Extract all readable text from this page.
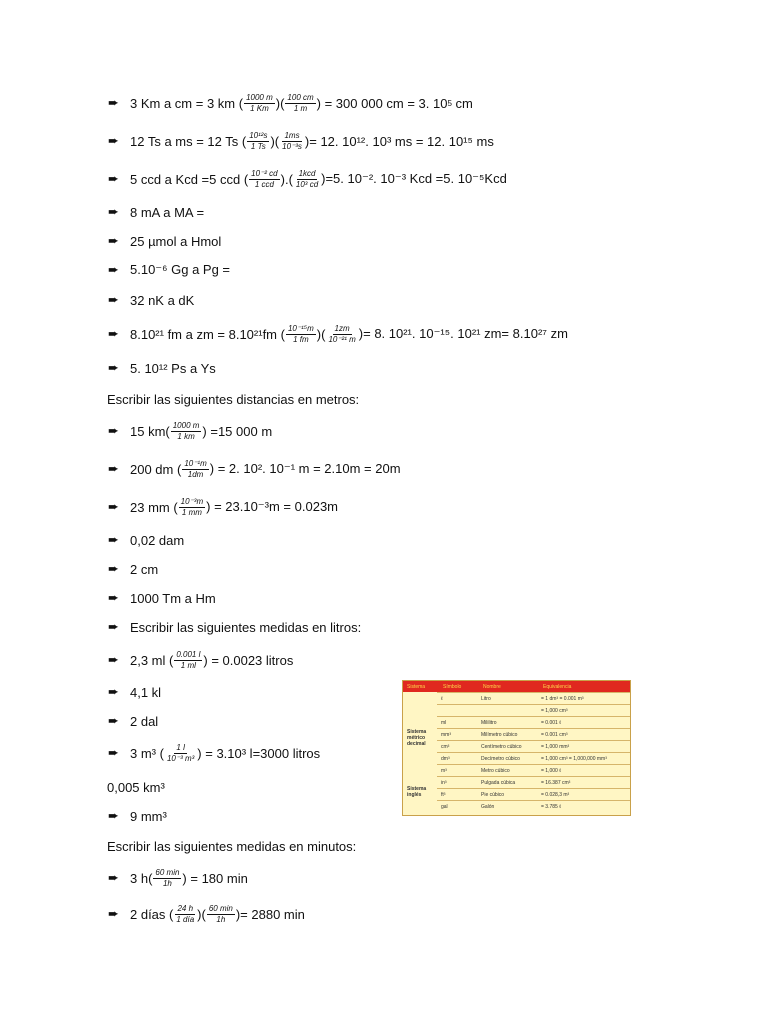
➨ 3 Km a cm = 3 km ( $\frac{1000 m}{1 Km}$ )( $\frac{100 cm}{1 m}$ ) = 300 000 cm = 3. 10 5
cm
➨ 12 Ts a ms = 12 Ts ( $\frac{\text{10¹²s}}{1 Ts}$ )( $\frac{1ms}{\text{10⁻³s}}$ )= 12. 10¹². 10³ ms = 12. 10¹⁵ ms
➨ 5 ccd a Kcd =5 ccd ( $\frac{\text{10⁻² cd}}{\text{1 ccd}}$ ).( $\frac{\text{1kcd}}{\text{10³ cd}} )=5$. 10⁻². 10⁻³ Kcd =5. 10⁻⁵Kcd
➨ 8 mA a MA =
➨ 25 µmol a Hmol
➨ 5.10⁻⁶ Gg a Pg =
➨ 32 nK a dK
➨ 8.10²¹ fm a zm = 8.10²¹fm ( $\frac{\text{10⁻¹⁵m}}{1 fm}$ )( $\frac{1zm}{\text{10⁻²¹ m}}$ )= 8. 10²¹. 10⁻¹⁵. 10²¹ zm= 8.10²⁷ zm
➨ 5. 10¹² Ps a Ys
Escribir las siguientes distancias en metros:
➨ 15 $km( \frac{1000 m}{1 km}$ ) =15 000 m
➨ 200 dm ( $\frac{\text{10⁻¹m}}{1dm}$ ) = 2. 10². 10⁻¹ m = 2.10m = 20m
➨ 23 mm ( $\frac{\text{10⁻³m}}{1 mm}$ ) = 23.10⁻³m = 0.023m
➨ 0,02 dam
➨ 2 cm
➨ 1000 Tm a Hm
➨ Escribir las siguientes medidas en litros:
➨ 2,3 ml ( $\frac{0.001 l}{1 ml}$ ) = 0.0023 litros
➨ 4,1 kl
➨ 2 dal
➨ 3 m³ ( $\frac{1 l}{\text{10⁻³ m³}}$ ) = 3.10³ l=3000 litros
0,005 km³
➨ 9 mm³
Escribir las siguientes medidas en minutos:
➨ 3 $h( \frac{60 \min}{1h}$ ) = 180 min
➨ 2 días ( $\frac{24 h}{\text{1 día}}$ )( $\frac{60 \min}{1h}$ )= 2880 min
Sistema	Símbolo	Nombre	Equivalencia
Sistema métrico decimal
Sistema inglés
ℓ	Litro	= 1 dm³ = 0.001 m³
= 1,000 cm³
ml	Mililitro	= 0.001 ℓ
mm³	Milímetro cúbico	= 0.001 cm³
cm³	Centímetro cúbico	= 1,000 mm³
dm³	Decímetro cúbico	= 1,000 cm³ = 1,000,000 mm³
m³	Metro cúbico	= 1,000 ℓ
in³	Pulgada cúbica	= 16.387 cm³
ft³	Pie cúbico	= 0.028,3 m³
gal	Galón	= 3.785 ℓ
